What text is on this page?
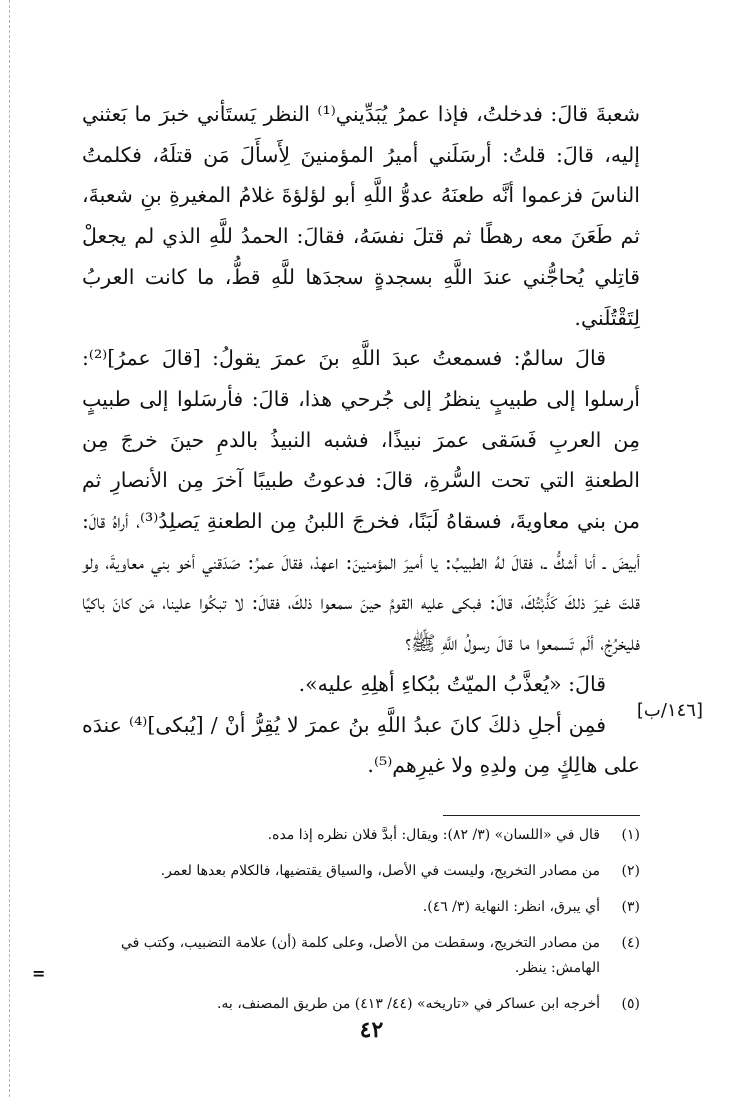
شعبةَ قالَ: فدخلتُ، فإذا عمرُ يُبَدِّيني⁽¹⁾ النظر يَستَأني خبرَ ما بَعثني إليه، قالَ: قلتُ: أرسَلَني أميرُ المؤمنينَ لِأَسأَلَ مَن قتلَهُ، فكلمتُ الناسَ فزعموا أنَّه طعنَهُ عدوُّ اللَّهِ أبو لؤلؤةَ غلامُ المغيرةِ بنِ شعبةَ، ثم طَعَنَ معه رهطًا ثم قتلَ نفسَهُ، فقالَ: الحمدُ للَّهِ الذي لم يجعلْ قاتِلي يُحاجُّني عندَ اللَّهِ بسجدةٍ سجدَها للَّهِ قطُّ، ما كانت العربُ لِتَقْتُلَني.

قالَ سالمٌ: فسمعتُ عبدَ اللَّهِ بنَ عمرَ يقولُ: [قالَ عمرُ]⁽²⁾: أرسلوا إلى طبيبٍ ينظرُ إلى جُرحي هذا، قالَ: فأرسَلوا إلى طبيبٍ مِن العربِ فَسَقى عمرَ نبيذًا، فشبه النبيذُ بالدمِ حينَ خرجَ مِن الطعنةِ التي تحت السُّرةِ، قالَ: فدعوتُ طبيبًا آخرَ مِن الأنصارِ ثم من بني معاويةَ، فسقاهُ لَبَنًا، فخرجَ اللبنُ مِن الطعنةِ يَصلِدُ⁽³⁾، أراهُ قالَ: أبيضَ ـ أنا أشكُّ ـ، فقالَ لهُ الطبيبُ: يا أميرَ المؤمنينَ: اعهدْ، فقالَ عمرُ: صَدَقني أخو بني معاويةَ، ولو قلتَ غيرَ ذلكَ كَذَّبْتُكَ، قالَ: فبكى عليه القومُ حينَ سمعوا ذلكَ، فقالَ: لا تبكُوا علينا، مَن كانَ باكيًا فليخرُجْ، ألَم تَسمعوا ما قالَ رسولُ اللَّهِ ﷺ؟

قالَ: «يُعذَّبُ الميّتُ ببُكاءِ أهلِهِ عليه».

فمِن أجلِ ذلكَ كانَ عبدُ اللَّهِ بنُ عمرَ لا يُقِرُّ أنْ / [يُبكى]⁽⁴⁾ عندَه على هالِكٍ مِن ولدِهِ ولا غيرِهم⁽⁵⁾.

[١٤٦/ب]
(١)
قال في «اللسان» (٣/ ٨٢): ويقال: أبدَّ فلان نظره إذا مده.
(٢)
من مصادر التخريج، وليست في الأصل، والسياق يقتضيها، فالكلام بعدها لعمر.
(٣)
أي يبرق، انظر: النهاية (٣/ ٤٦).
(٤)
من مصادر التخريج، وسقطت من الأصل، وعلى كلمة (أن) علامة التضبيب، وكتب في الهامش: ينظر.
(٥)
أخرجه ابن عساكر في «تاريخه» (٤٤/ ٤١٣) من طريق المصنف، به.
=
٤٢
